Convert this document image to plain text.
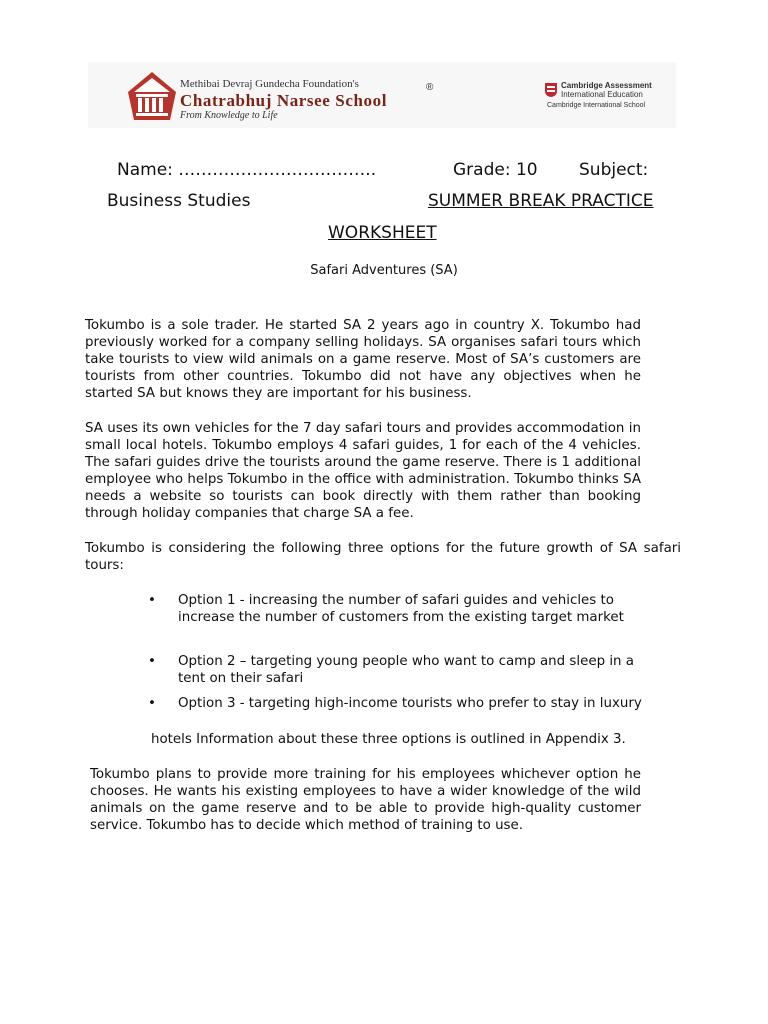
Methibai Devraj Gundecha Foundation's
Chatrabhuj Narsee School
From Knowledge to Life
®	Cambridge Assessment
International Education
Cambridge International School
Name: ……………………………..	Grade: 10 Subject:
Business Studies	SUMMER BREAK PRACTICE
WORKSHEET
Safari Adventures (SA)
Tokumbo is a sole trader. He started SA 2 years ago in country X. Tokumbo had previously worked for a company selling holidays. SA organises safari tours which take tourists to view wild animals on a game reserve. Most of SA’s customers are tourists from other countries. Tokumbo did not have any objectives when he started SA but knows they are important for his business.
SA uses its own vehicles for the 7 day safari tours and provides accommodation in small local hotels. Tokumbo employs 4 safari guides, 1 for each of the 4 vehicles. The safari guides drive the tourists around the game reserve. There is 1 additional employee who helps Tokumbo in the office with administration. Tokumbo thinks SA needs a website so tourists can book directly with them rather than booking through holiday companies that charge SA a fee.
Tokumbo is considering the following three options for the future growth of SA safari tours:
• Option 1 - increasing the number of safari guides and vehicles to increase the number of customers from the existing target market
• Option 2 – targeting young people who want to camp and sleep in a tent on their safari
• Option 3 - targeting high-income tourists who prefer to stay in luxury
hotels Information about these three options is outlined in Appendix 3.
Tokumbo plans to provide more training for his employees whichever option he chooses. He wants his existing employees to have a wider knowledge of the wild animals on the game reserve and to be able to provide high-quality customer service. Tokumbo has to decide which method of training to use.
